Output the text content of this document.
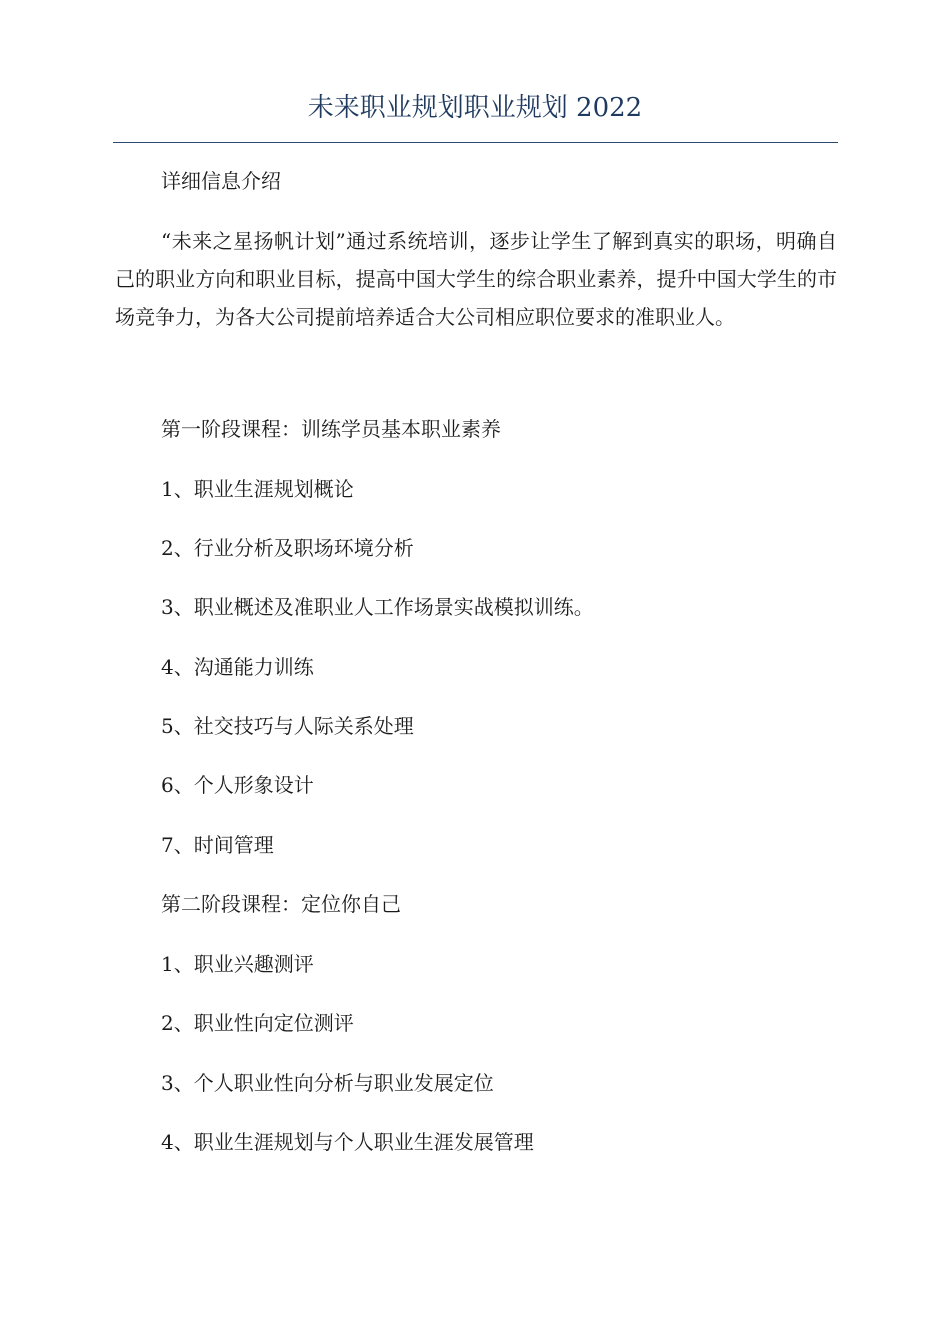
未来职业规划职业规划 2022
详细信息介绍
“未来之星扬帆计划”通过系统培训，逐步让学生了解到真实的职场，明确自己的职业方向和职业目标，提高中国大学生的综合职业素养，提升中国大学生的市场竞争力，为各大公司提前培养适合大公司相应职位要求的准职业人。
第一阶段课程：训练学员基本职业素养
1、职业生涯规划概论
2、行业分析及职场环境分析
3、职业概述及准职业人工作场景实战模拟训练。
4、沟通能力训练
5、社交技巧与人际关系处理
6、个人形象设计
7、时间管理
第二阶段课程：定位你自己
1、职业兴趣测评
2、职业性向定位测评
3、个人职业性向分析与职业发展定位
4、职业生涯规划与个人职业生涯发展管理
